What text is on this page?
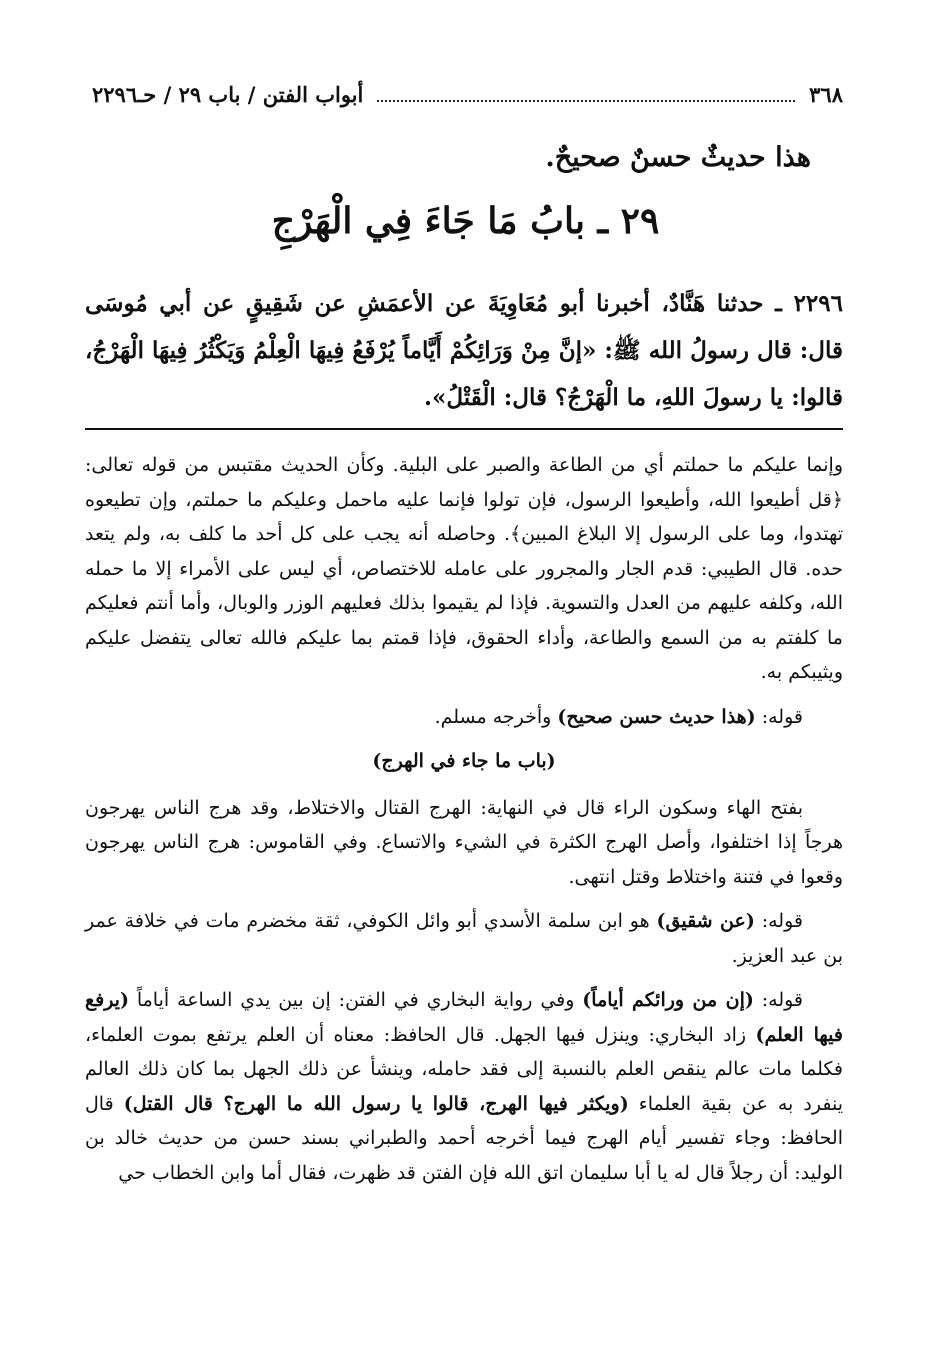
٣٦٨
أبواب الفتن / باب ٢٩ / حـ٢٢٩٦
هذا حديثٌ حسنٌ صحيحٌ.
٢٩ ـ بابُ مَا جَاءَ فِي الْهَرْجِ
٢٢٩٦ ـ حدثنا هَنَّادٌ، أخبرنا أبو مُعَاوِيَةَ عن الأعمَشِ عن شَقِيقٍ عن أبي مُوسَى قال: قال رسولُ الله ﷺ: «إنَّ مِنْ وَرَائِكُمْ أَيَّاماً يُرْفَعُ فِيهَا الْعِلْمُ وَيَكْثُرُ فِيهَا الْهَرْجُ، قالوا: يا رسولَ اللهِ، ما الْهَرْجُ؟ قال: الْقَتْلُ».

وإنما عليكم ما حملتم أي من الطاعة والصبر على البلية. وكأن الحديث مقتبس من قوله تعالى: ﴿قل أطيعوا الله، وأطيعوا الرسول، فإن تولوا فإنما عليه ماحمل وعليكم ما حملتم، وإن تطيعوه تهتدوا، وما على الرسول إلا البلاغ المبين﴾. وحاصله أنه يجب على كل أحد ما كلف به، ولم يتعد حده. قال الطيبي: قدم الجار والمجرور على عامله للاختصاص، أي ليس على الأمراء إلا ما حمله الله، وكلفه عليهم من العدل والتسوية. فإذا لم يقيموا بذلك فعليهم الوزر والوبال، وأما أنتم فعليكم ما كلفتم به من السمع والطاعة، وأداء الحقوق، فإذا قمتم بما عليكم فالله تعالى يتفضل عليكم ويثيبكم به.

قوله: (هذا حديث حسن صحيح) وأخرجه مسلم.

(باب ما جاء في الهرج)

بفتح الهاء وسكون الراء قال في النهاية: الهرج القتال والاختلاط، وقد هرج الناس يهرجون هرجاً إذا اختلفوا، وأصل الهرج الكثرة في الشيء والاتساع. وفي القاموس: هرج الناس يهرجون وقعوا في فتنة واختلاط وقتل انتهى.

قوله: (عن شقيق) هو ابن سلمة الأسدي أبو وائل الكوفي، ثقة مخضرم مات في خلافة عمر بن عبد العزيز.

قوله: (إن من ورائكم أياماً) وفي رواية البخاري في الفتن: إن بين يدي الساعة أياماً (يرفع فيها العلم) زاد البخاري: وينزل فيها الجهل. قال الحافظ: معناه أن العلم يرتفع بموت العلماء، فكلما مات عالم ينقص العلم بالنسبة إلى فقد حامله، وينشأ عن ذلك الجهل بما كان ذلك العالم ينفرد به عن بقية العلماء (ويكثر فيها الهرج، قالوا يا رسول الله ما الهرج؟ قال القتل) قال الحافظ: وجاء تفسير أيام الهرج فيما أخرجه أحمد والطبراني بسند حسن من حديث خالد بن الوليد: أن رجلاً قال له يا أبا سليمان اتق الله فإن الفتن قد ظهرت، فقال أما وابن الخطاب حي
